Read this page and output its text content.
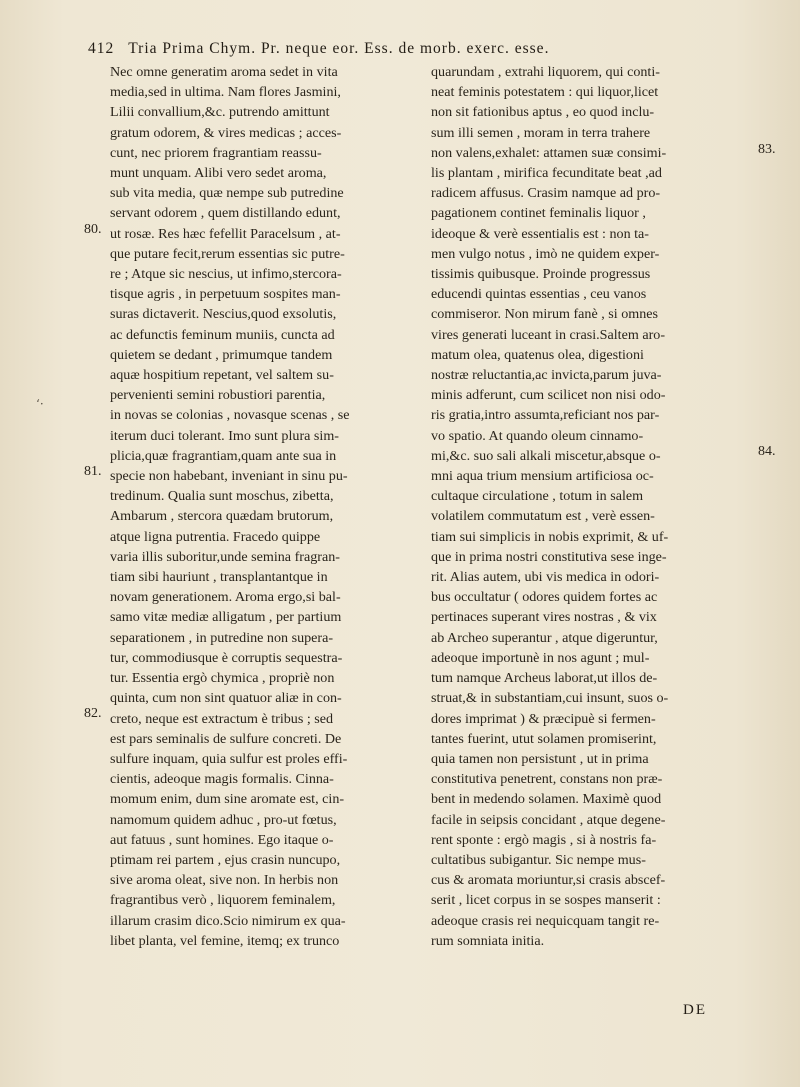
412 Tria Prima Chym. Pr. neque eor. Ess. de morb. exerc. esse.
Nec omne generatim aroma sedet in vita
media,sed in ultima. Nam flores Jasmini,
Lilii convallium,&c. putrendo amittunt
gratum odorem, & vires medicas ; acces-
cunt, nec priorem fragrantiam reassu-
munt unquam. Alibi vero sedet aroma,
sub vita media, quæ nempe sub putredine
servant odorem , quem distillando edunt,
ut rosæ. Res hæc fefellit Paracelsum , at-
que putare fecit,rerum essentias sic putre-
re ; Atque sic nescius, ut infimo,stercora-
tisque agris , in perpetuum sospites man-
suras dictaverit. Nescius,quod exsolutis,
ac defunctis feminum muniis, cuncta ad
quietem se dedant , primumque tandem
aquæ hospitium repetant, vel saltem su-
pervenienti semini robustiori parentia,
in novas se colonias , novasque scenas , se
iterum duci tolerant. Imo sunt plura sim-
plicia,quæ fragrantiam,quam ante sua in
specie non habebant, inveniant in sinu pu-
tredinum. Qualia sunt moschus, zibetta,
Ambarum , stercora quædam brutorum,
atque ligna putrentia. Fracedo quippe
varia illis suboritur,unde semina fragran-
tiam sibi hauriunt , transplantantque in
novam generationem. Aroma ergo,si bal-
samo vitæ mediæ alligatum , per partium
separationem , in putredine non supera-
tur, commodiusque è corruptis sequestra-
tur. Essentia ergò chymica , propriè non
quinta, cum non sint quatuor aliæ in con-
creto, neque est extractum è tribus ; sed
est pars seminalis de sulfure concreti. De
sulfure inquam, quia sulfur est proles effi-
cientis, adeoque magis formalis. Cinna-
momum enim, dum sine aromate est, cin-
namomum quidem adhuc , pro-ut fœtus,
aut fatuus , sunt homines. Ego itaque o-
ptimam rei partem , ejus crasin nuncupo,
sive aroma oleat, sive non. In herbis non
fragrantibus verò , liquorem feminalem,
illarum crasim dico.Scio nimirum ex qua-
libet planta, vel femine, itemq; ex trunco
quarundam , extrahi liquorem, qui conti-
neat feminis potestatem : qui liquor,licet
non sit fationibus aptus , eo quod inclu-
sum illi semen , moram in terra trahere
non valens,exhalet: attamen suæ consimi-
lis plantam , mirifica fecunditate beat ,ad
radicem affusus. Crasim namque ad pro-
pagationem continet feminalis liquor ,
ideoque & verè essentialis est : non ta-
men vulgo notus , imò ne quidem exper-
tissimis quibusque. Proinde progressus
educendi quintas essentias , ceu vanos
commiseror. Non mirum fanè , si omnes
vires generati luceant in crasi.Saltem aro-
matum olea, quatenus olea, digestioni
nostræ reluctantia,ac invicta,parum juva-
minis adferunt, cum scilicet non nisi odo-
ris gratia,intro assumta,reficiant nos par-
vo spatio. At quando oleum cinnamo-
mi,&c. suo sali alkali miscetur,absque o-
mni aqua trium mensium artificiosa oc-
cultaque circulatione , totum in salem
volatilem commutatum est , verè essen-
tiam sui simplicis in nobis exprimit, & uf-
que in prima nostri constitutiva sese inge-
rit. Alias autem, ubi vis medica in odori-
bus occultatur ( odores quidem fortes ac
pertinaces superant vires nostras , & vix
ab Archeo superantur , atque digeruntur,
adeoque importunè in nos agunt ; mul-
tum namque Archeus laborat,ut illos de-
struat,& in substantiam,cui insunt, suos o-
dores imprimat ) & præcipuè si fermen-
tantes fuerint, utut solamen promiserint,
quia tamen non persistunt , ut in prima
constitutiva penetrent, constans non præ-
bent in medendo solamen. Maximè quod
facile in seipsis concidant , atque degene-
rent sponte : ergò magis , si à nostris fa-
cultatibus subigantur. Sic nempe mus-
cus & aromata moriuntur,si crasis abscef-
serit , licet corpus in se sospes manserit :
adeoque crasis rei nequicquam tangit re-
rum somniata initia.
80.
81.
82.
83.
84.
‘·
DE
